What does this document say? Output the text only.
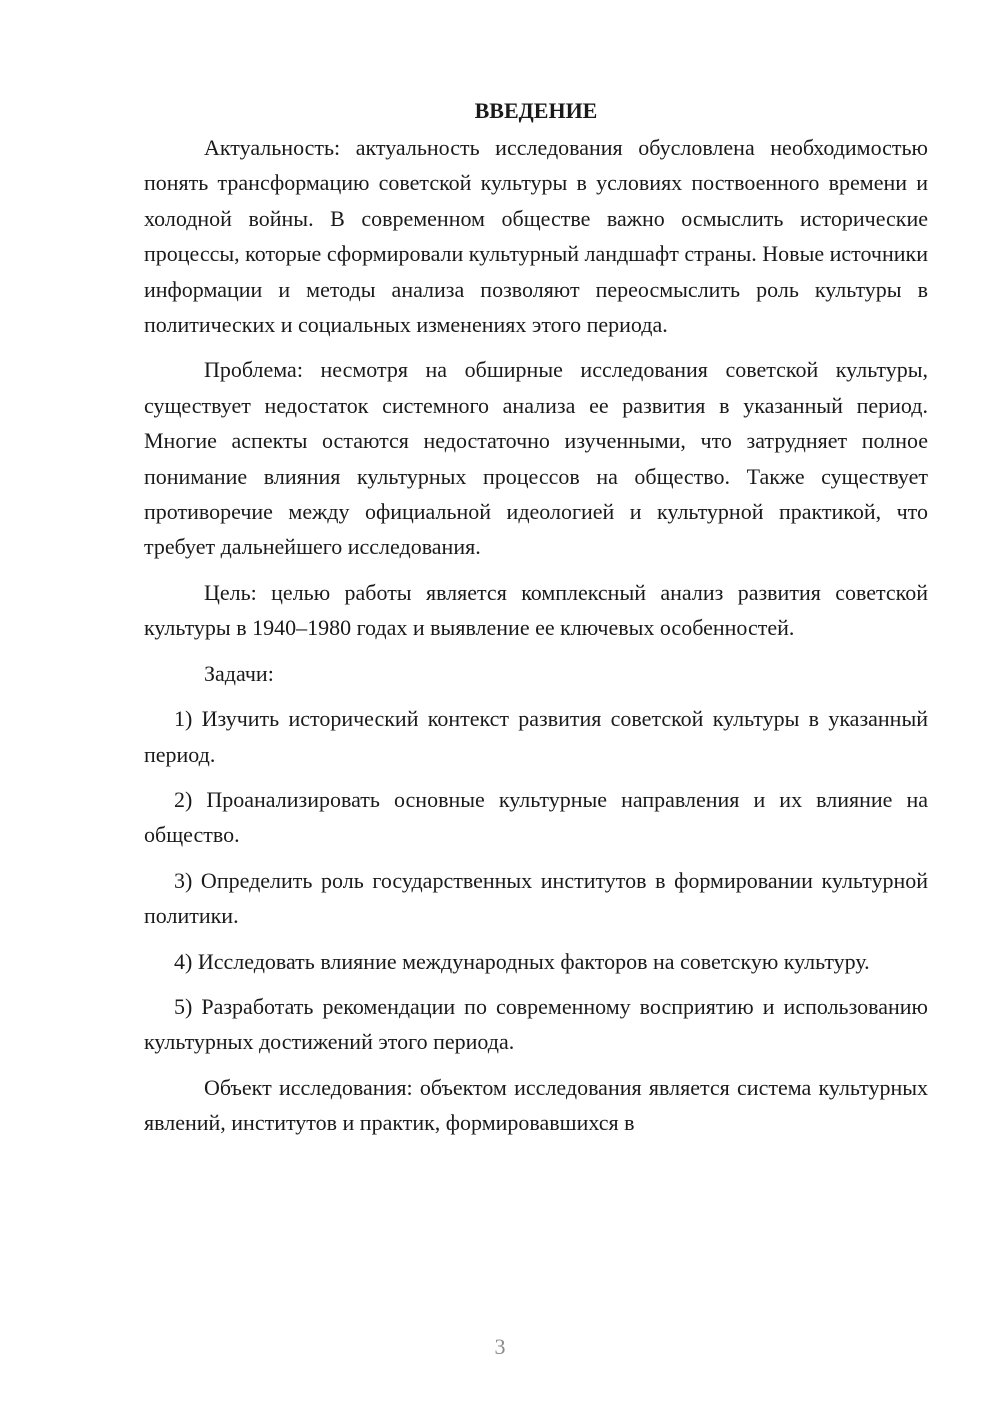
ВВЕДЕНИЕ

Актуальность: актуальность исследования обусловлена необходимостью понять трансформацию советской культуры в условиях поствоенного времени и холодной войны. В современном обществе важно осмыслить исторические процессы, которые сформировали культурный ландшафт страны. Новые источники информации и методы анализа позволяют переосмыслить роль культуры в политических и социальных изменениях этого периода.

Проблема: несмотря на обширные исследования советской культуры, существует недостаток системного анализа ее развития в указанный период. Многие аспекты остаются недостаточно изученными, что затрудняет полное понимание влияния культурных процессов на общество. Также существует противоречие между официальной идеологией и культурной практикой, что требует дальнейшего исследования.

Цель: целью работы является комплексный анализ развития советской культуры в 1940–1980 годах и выявление ее ключевых особенностей.

Задачи:

1) Изучить исторический контекст развития советской культуры в указанный период.

2) Проанализировать основные культурные направления и их влияние на общество.

3) Определить роль государственных институтов в формировании культурной политики.

4) Исследовать влияние международных факторов на советскую культуру.

5) Разработать рекомендации по современному восприятию и использованию культурных достижений этого периода.

Объект исследования: объектом исследования является система культурных явлений, институтов и практик, формировавшихся в

3
